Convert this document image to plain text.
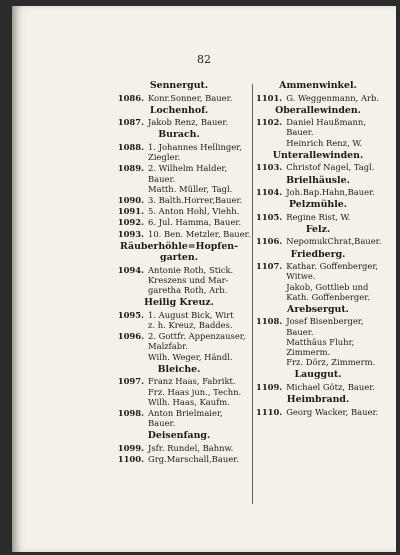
82
Sennergut.
1086. Konr.Sonner, Bauer.
Lochenhof.
1087. Jakob Renz, Bauer.
Burach.
1088. 1. Johannes Hellinger,
Ziegler.
1089. 2. Wilhelm Halder,
Bauer.
Matth. Müller, Tagl.
1090. 3. Balth.Horrer,Bauer.
1091. 5. Anton Hohl, Viehh.
1092. 6. Jul. Hamma, Bauer.
1093. 10. Ben. Metzler, Bauer.
Räuberhöhle=Hopfen-garten.
1094. Antonie Roth, Stick.
Kreszens und Mar-
garetha Roth, Arb.
Heilig Kreuz.
1095. 1. August Bick, Wirt
z. h. Kreuz, Baddes.
1096. 2. Gottfr. Appenzauser,
Malzfabr.
Wilh. Weger, Händl.
Bleiche.
1097. Franz Haas, Fabrikt.
Frz. Haas jun., Techn.
Wilh. Haas, Kaufm.
1098. Anton Brielmaier,
Bauer.
Deisenfang.
1099. Jsfr. Rundel, Bahnw.
1100. Grg.Marschall,Bauer.
Ammenwinkel.
1101. G. Weggenmann, Arb.
Oberallewinden.
1102. Daniel Haußmann,
Bauer.
Heinrich Renz, W.
Unterallewinden.
1103. Christof Nagel, Tagl.
Brielhäusle.
1104. Joh.Bap.Hahn,Bauer.
Pelzmühle.
1105. Regine Rist, W.
Felz.
1106. NepomukChrat,Bauer.
Friedberg.
1107. Kathar. Goffenberger,
Witwe.
Jakob, Gottlieb und
Kath. Goffenberger.
Arebsergut.
1108. Josef Bisenberger,
Bauer.
Matthäus Fluhr,
Zimmerm.
Frz. Dörz, Zimmerm.
Lauggut.
1109. Michael Götz, Bauer.
Heimbrand.
1110. Georg Wacker, Bauer.
